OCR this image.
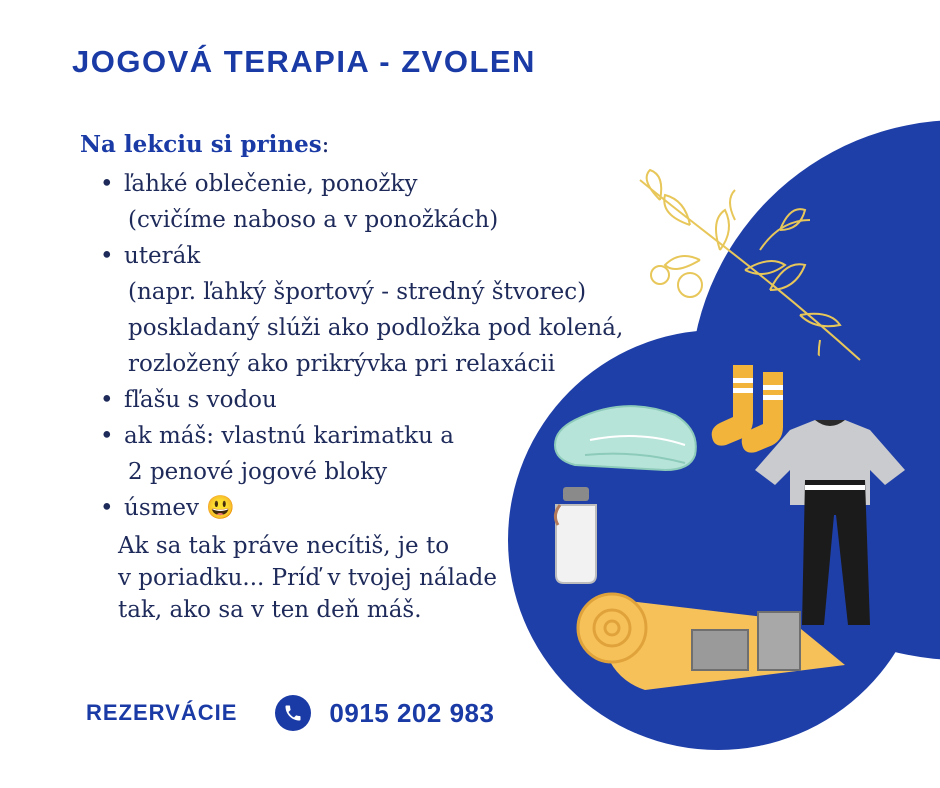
JOGOVÁ TERAPIA - ZVOLEN
Na lekciu si prines:
• ľahké oblečenie, ponožky
(cvičíme naboso a v ponožkách)
• uterák
(napr. ľahký športový - stredný štvorec)
poskladaný slúži ako podložka pod kolená,
rozložený ako prikrývka pri relaxácii
• fľašu s vodou
• ak máš: vlastnú karimatku a
2 penové jogové bloky
• úsmev 😃
Ak sa tak práve necítiš, je to
v poriadku... Príď v tvojej nálade
tak, ako sa v ten deň máš.
REZERVÁCIE	0915 202 983
